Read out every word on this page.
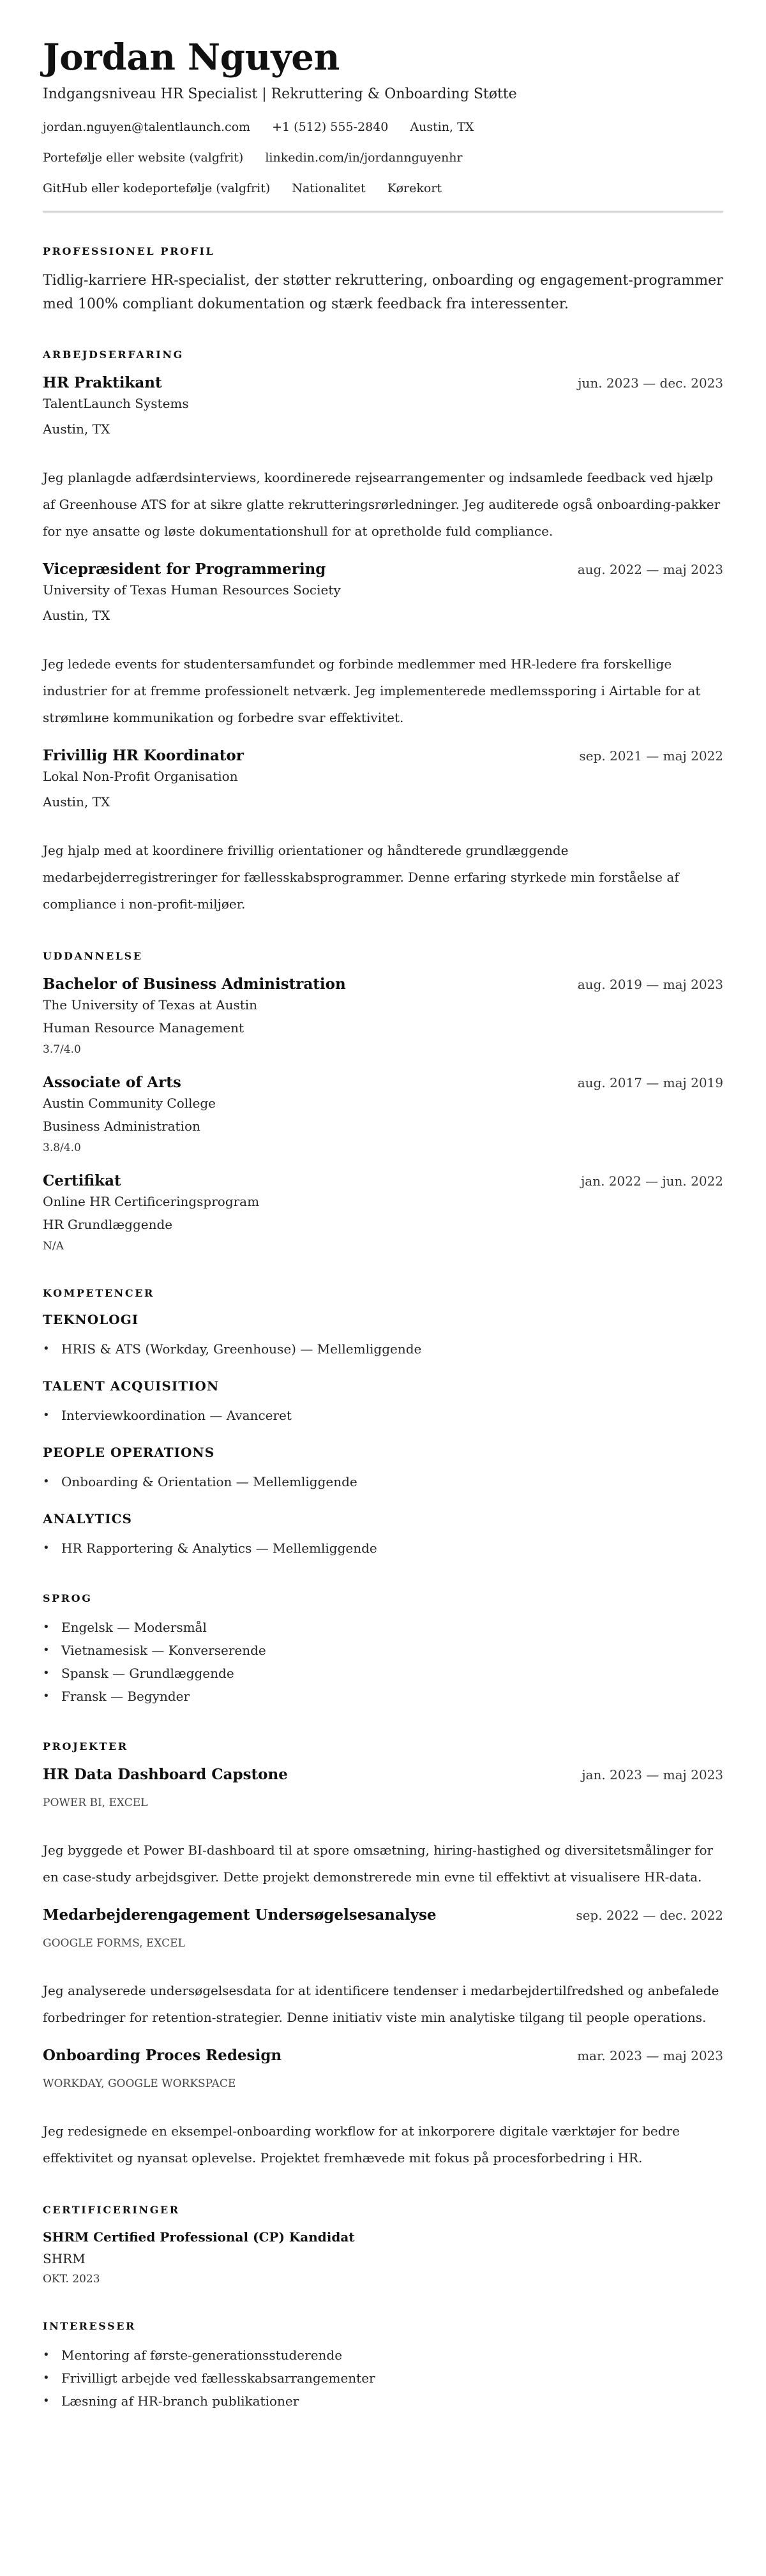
Jordan Nguyen
Indgangsniveau HR Specialist | Rekruttering & Onboarding Støtte
jordan.nguyen@talentlaunch.com +1 (512) 555-2840 Austin, TX
Portefølje eller website (valgfrit) linkedin.com/in/jordannguyenhr
GitHub eller kodeportefølje (valgfrit) Nationalitet Kørekort
PROFESSIONEL PROFIL

Tidlig-karriere HR-specialist, der støtter rekruttering, onboarding og engagement-programmer med 100% compliant dokumentation og stærk feedback fra interessenter.

ARBEJDSERFARING
HR Praktikant	jun. 2023 — dec. 2023
TalentLaunch Systems
Austin, TX

Jeg planlagde adfærdsinterviews, koordinerede rejsearrangementer og indsamlede feedback ved hjælp af Greenhouse ATS for at sikre glatte rekrutteringsrørledninger. Jeg auditerede også onboarding-pakker for nye ansatte og løste dokumentationshull for at opretholde fuld compliance.

Vicepræsident for Programmering	aug. 2022 — maj 2023
University of Texas Human Resources Society
Austin, TX

Jeg ledede events for studentersamfundet og forbinde medlemmer med HR-ledere fra forskellige industrier for at fremme professionelt netværk. Jeg implementerede medlemssporing i Airtable for at strømlине kommunikation og forbedre svar effektivitet.

Frivillig HR Koordinator	sep. 2021 — maj 2022
Lokal Non-Profit Organisation
Austin, TX

Jeg hjalp med at koordinere frivillig orientationer og håndterede grundlæggende medarbejderregistreringer for fællesskabsprogrammer. Denne erfaring styrkede min forståelse af compliance i non-profit-miljøer.

UDDANNELSE
Bachelor of Business Administration	aug. 2019 — maj 2023
The University of Texas at Austin
Human Resource Management
3.7/4.0
Associate of Arts	aug. 2017 — maj 2019
Austin Community College
Business Administration
3.8/4.0
Certifikat	jan. 2022 — jun. 2022
Online HR Certificeringsprogram
HR Grundlæggende
N/A
KOMPETENCER
TEKNOLOGI
• HRIS & ATS (Workday, Greenhouse) — Mellemliggende
TALENT ACQUISITION
• Interviewkoordination — Avanceret
PEOPLE OPERATIONS
• Onboarding & Orientation — Mellemliggende
ANALYTICS
• HR Rapportering & Analytics — Mellemliggende
SPROG
• Engelsk — Modersmål
• Vietnamesisk — Konverserende
• Spansk — Grundlæggende
• Fransk — Begynder
PROJEKTER
HR Data Dashboard Capstone	jan. 2023 — maj 2023
POWER BI, EXCEL

Jeg byggede et Power BI-dashboard til at spore omsætning, hiring-hastighed og diversitetsmålinger for en case-study arbejdsgiver. Dette projekt demonstrerede min evne til effektivt at visualisere HR-data.

Medarbejderengagement Undersøgelsesanalyse	sep. 2022 — dec. 2022
GOOGLE FORMS, EXCEL

Jeg analyserede undersøgelsesdata for at identificere tendenser i medarbejdertilfredshed og anbefalede forbedringer for retention-strategier. Denne initiativ viste min analytiske tilgang til people operations.

Onboarding Proces Redesign	mar. 2023 — maj 2023
WORKDAY, GOOGLE WORKSPACE

Jeg redesignede en eksempel-onboarding workflow for at inkorporere digitale værktøjer for bedre effektivitet og nyansat oplevelse. Projektet fremhævede mit fokus på procesforbedring i HR.

CERTIFICERINGER
SHRM Certified Professional (CP) Kandidat
SHRM
OKT. 2023
INTERESSER
• Mentoring af første-generationsstuderende
• Frivilligt arbejde ved fællesskabsarrangementer
• Læsning af HR-branch publikationer
